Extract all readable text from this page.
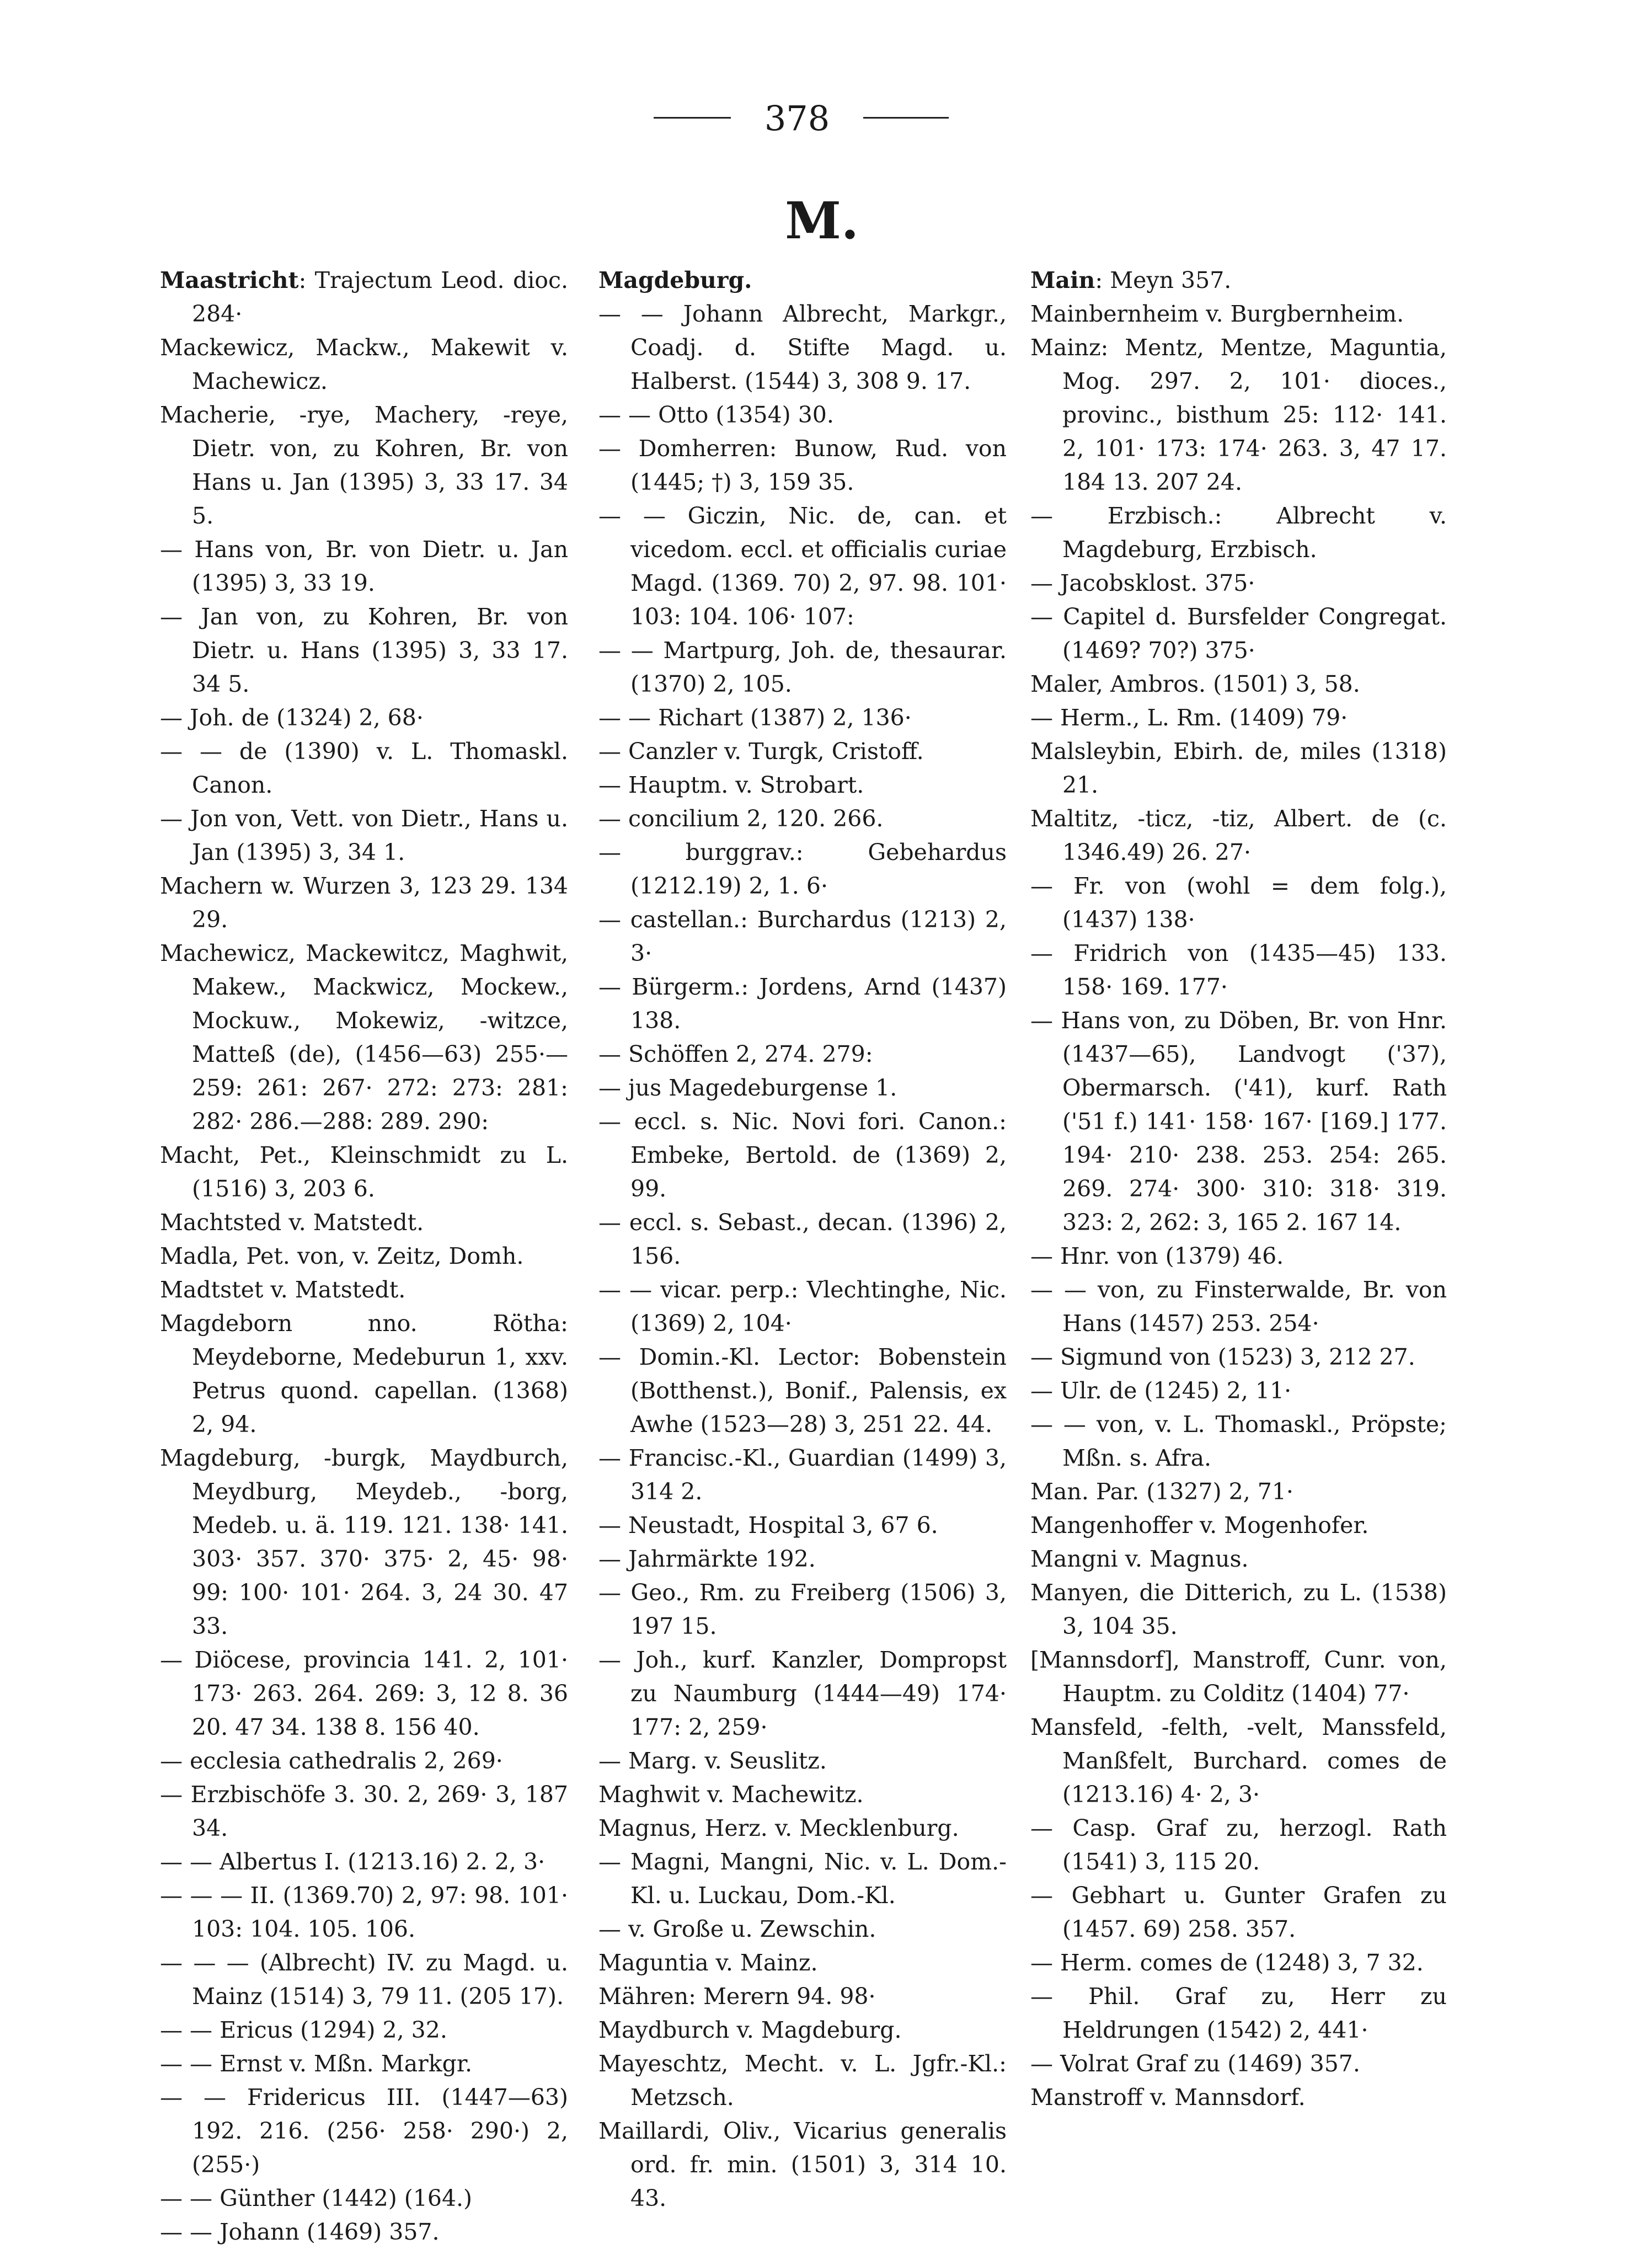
378
M.

Maastricht: Trajectum Leod. dioc. 284·

Mackewicz, Mackw., Makewit v. Machewicz.

Macherie, -rye, Machery, -reye, Dietr. von, zu Kohren, Br. von Hans u. Jan (1395) 3, 33 17. 34 5.

— Hans von, Br. von Dietr. u. Jan (1395) 3, 33 19.

— Jan von, zu Kohren, Br. von Dietr. u. Hans (1395) 3, 33 17. 34 5.

— Joh. de (1324) 2, 68·

— — de (1390) v. L. Thomaskl. Canon.

— Jon von, Vett. von Dietr., Hans u. Jan (1395) 3, 34 1.

Machern w. Wurzen 3, 123 29. 134 29.

Machewicz, Mackewitcz, Maghwit, Makew., Mackwicz, Mockew., Mockuw., Mokewiz, -witzce, Matteß (de), (1456—63) 255·—259: 261: 267· 272: 273: 281: 282· 286.—288: 289. 290:

Macht, Pet., Kleinschmidt zu L. (1516) 3, 203 6.

Machtsted v. Matstedt.

Madla, Pet. von, v. Zeitz, Domh.

Madtstet v. Matstedt.

Magdeborn nno. Rötha: Meydeborne, Medeburun 1, xxv. Petrus quond. capellan. (1368) 2, 94.

Magdeburg, -burgk, Maydburch, Meydburg, Meydeb., -borg, Medeb. u. ä. 119. 121. 138· 141. 303· 357. 370· 375· 2, 45· 98· 99: 100· 101· 264. 3, 24 30. 47 33.

— Diöcese, provincia 141. 2, 101· 173· 263. 264. 269: 3, 12 8. 36 20. 47 34. 138 8. 156 40.

— ecclesia cathedralis 2, 269·

— Erzbischöfe 3. 30. 2, 269· 3, 187 34.

— — Albertus I. (1213.16) 2. 2, 3·

— — — II. (1369.70) 2, 97: 98. 101· 103: 104. 105. 106.

— — — (Albrecht) IV. zu Magd. u. Mainz (1514) 3, 79 11. (205 17).

— — Ericus (1294) 2, 32.

— — Ernst v. Mßn. Markgr.

— — Fridericus III. (1447—63) 192. 216. (256· 258· 290·) 2, (255·)

— — Günther (1442) (164.)

— — Johann (1469) 357.

Magdeburg.

— — Johann Albrecht, Markgr., Coadj. d. Stifte Magd. u. Halberst. (1544) 3, 308 9. 17.

— — Otto (1354) 30.

— Domherren: Bunow, Rud. von (1445; †) 3, 159 35.

— — Giczin, Nic. de, can. et vicedom. eccl. et officialis curiae Magd. (1369. 70) 2, 97. 98. 101· 103: 104. 106· 107:

— — Martpurg, Joh. de, thesaurar. (1370) 2, 105.

— — Richart (1387) 2, 136·

— Canzler v. Turgk, Cristoff.

— Hauptm. v. Strobart.

— concilium 2, 120. 266.

— burggrav.: Gebehardus (1212.19) 2, 1. 6·

— castellan.: Burchardus (1213) 2, 3·

— Bürgerm.: Jordens, Arnd (1437) 138.

— Schöffen 2, 274. 279:

— jus Magedeburgense 1.

— eccl. s. Nic. Novi fori. Canon.: Embeke, Bertold. de (1369) 2, 99.

— eccl. s. Sebast., decan. (1396) 2, 156.

— — vicar. perp.: Vlechtinghe, Nic. (1369) 2, 104·

— Domin.-Kl. Lector: Bobenstein (Botthenst.), Bonif., Palensis, ex Awhe (1523—28) 3, 251 22. 44.

— Francisc.-Kl., Guardian (1499) 3, 314 2.

— Neustadt, Hospital 3, 67 6.

— Jahrmärkte 192.

— Geo., Rm. zu Freiberg (1506) 3, 197 15.

— Joh., kurf. Kanzler, Dompropst zu Naumburg (1444—49) 174· 177: 2, 259·

— Marg. v. Seuslitz.

Maghwit v. Machewitz.

Magnus, Herz. v. Mecklenburg.

— Magni, Mangni, Nic. v. L. Dom.-Kl. u. Luckau, Dom.-Kl.

— v. Große u. Zewschin.

Maguntia v. Mainz.

Mähren: Merern 94. 98·

Maydburch v. Magdeburg.

Mayeschtz, Mecht. v. L. Jgfr.-Kl.: Metzsch.

Maillardi, Oliv., Vicarius generalis ord. fr. min. (1501) 3, 314 10. 43.

Main: Meyn 357.

Mainbernheim v. Burgbernheim.

Mainz: Mentz, Mentze, Maguntia, Mog. 297. 2, 101· dioces., provinc., bisthum 25: 112· 141. 2, 101· 173: 174· 263. 3, 47 17. 184 13. 207 24.

— Erzbisch.: Albrecht v. Magdeburg, Erzbisch.

— Jacobsklost. 375·

— Capitel d. Bursfelder Congregat. (1469? 70?) 375·

Maler, Ambros. (1501) 3, 58.

— Herm., L. Rm. (1409) 79·

Malsleybin, Ebirh. de, miles (1318) 21.

Maltitz, -ticz, -tiz, Albert. de (c. 1346.49) 26. 27·

— Fr. von (wohl = dem folg.), (1437) 138·

— Fridrich von (1435—45) 133. 158· 169. 177·

— Hans von, zu Döben, Br. von Hnr. (1437—65), Landvogt ('37), Obermarsch. ('41), kurf. Rath ('51 f.) 141· 158· 167· [169.] 177. 194· 210· 238. 253. 254: 265. 269. 274· 300· 310: 318· 319. 323: 2, 262: 3, 165 2. 167 14.

— Hnr. von (1379) 46.

— — von, zu Finsterwalde, Br. von Hans (1457) 253. 254·

— Sigmund von (1523) 3, 212 27.

— Ulr. de (1245) 2, 11·

— — von, v. L. Thomaskl., Pröpste; Mßn. s. Afra.

Man. Par. (1327) 2, 71·

Mangenhoffer v. Mogenhofer.

Mangni v. Magnus.

Manyen, die Ditterich, zu L. (1538) 3, 104 35.

[Mannsdorf], Manstroff, Cunr. von, Hauptm. zu Colditz (1404) 77·

Mansfeld, -felth, -velt, Manssfeld, Manßfelt, Burchard. comes de (1213.16) 4· 2, 3·

— Casp. Graf zu, herzogl. Rath (1541) 3, 115 20.

— Gebhart u. Gunter Grafen zu (1457. 69) 258. 357.

— Herm. comes de (1248) 3, 7 32.

— Phil. Graf zu, Herr zu Heldrungen (1542) 2, 441·

— Volrat Graf zu (1469) 357.

Manstroff v. Mannsdorf.
